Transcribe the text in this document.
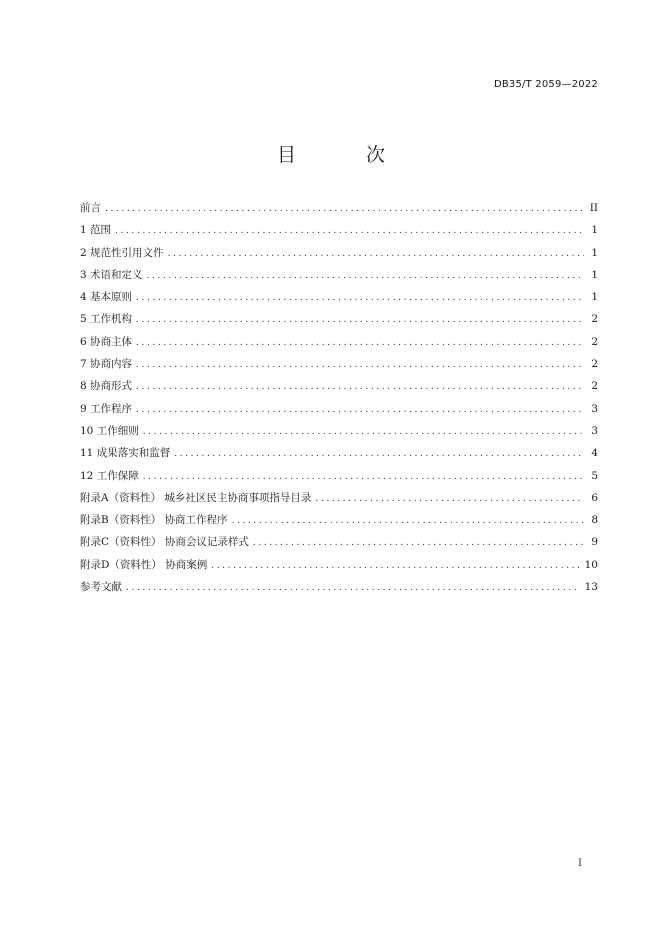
DB35/T 2059—2022
目 次
前言 .....	II
1 范围 .....	1
2 规范性引用文件 .....	1
3 术语和定义 .....	1
4 基本原则 .....	1
5 工作机构 .....	2
6 协商主体 .....	2
7 协商内容 .....	2
8 协商形式 .....	2
9 工作程序 .....	3
10 工作细则 .....	3
11 成果落实和监督 .....	4
12 工作保障 .....	5
附录A（资料性） 城乡社区民主协商事项指导目录 .....	6
附录B（资料性） 协商工作程序 .....	8
附录C（资料性） 协商会议记录样式 .....	9
附录D（资料性） 协商案例 .....	10
参考文献 .....	13
I
